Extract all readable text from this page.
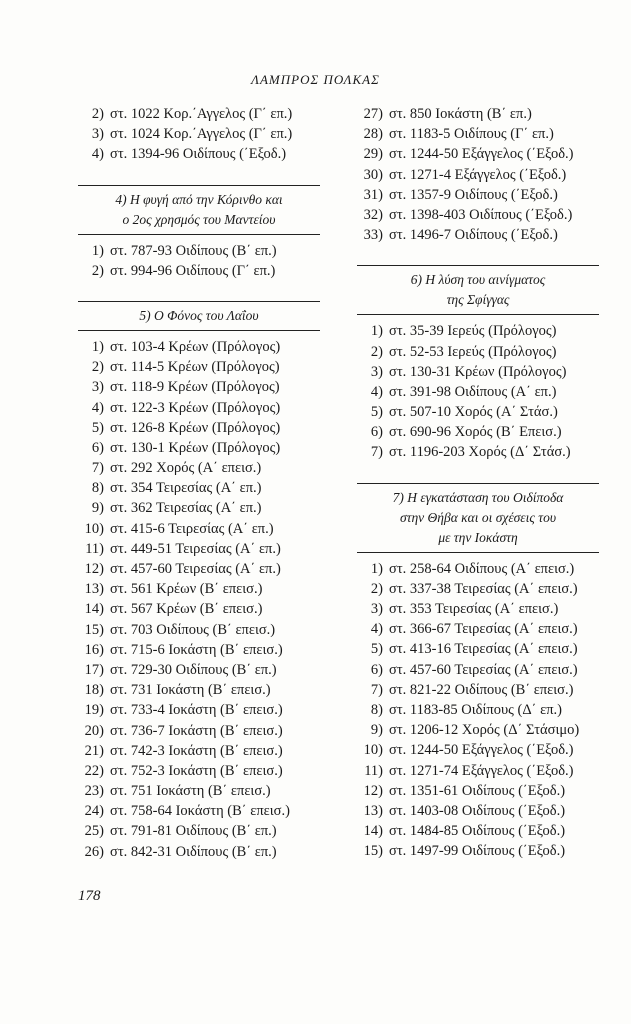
ΛΑΜΠΡΟΣ ΠΟΛΚΑΣ
2) στ. 1022 Κορ.΄Αγγελος (Γ΄ επ.)
3) στ. 1024 Κορ.΄Αγγελος (Γ΄ επ.)
4) στ. 1394-96 Οιδίπους (΄Εξοδ.)
4) Η φυγή από την Κόρινθο και
ο 2ος χρησμός του Μαντείου
1) στ. 787-93 Οιδίπους (Β΄ επ.)
2) στ. 994-96 Οιδίπους (Γ΄ επ.)
5) Ο Φόνος του Λαΐου
1) στ. 103-4 Κρέων (Πρόλογος)
2) στ. 114-5 Κρέων (Πρόλογος)
3) στ. 118-9 Κρέων (Πρόλογος)
4) στ. 122-3 Κρέων (Πρόλογος)
5) στ. 126-8 Κρέων (Πρόλογος)
6) στ. 130-1 Κρέων (Πρόλογος)
7) στ. 292 Χορός (Α΄ επεισ.)
8) στ. 354 Τειρεσίας (Α΄ επ.)
9) στ. 362 Τειρεσίας (Α΄ επ.)
10) στ. 415-6 Τειρεσίας (Α΄ επ.)
11) στ. 449-51 Τειρεσίας (Α΄ επ.)
12) στ. 457-60 Τειρεσίας (Α΄ επ.)
13) στ. 561 Κρέων (Β΄ επεισ.)
14) στ. 567 Κρέων (Β΄ επεισ.)
15) στ. 703 Οιδίπους (Β΄ επεισ.)
16) στ. 715-6 Ιοκάστη (Β΄ επεισ.)
17) στ. 729-30 Οιδίπους (Β΄ επ.)
18) στ. 731 Ιοκάστη (Β΄ επεισ.)
19) στ. 733-4 Ιοκάστη (Β΄ επεισ.)
20) στ. 736-7 Ιοκάστη (Β΄ επεισ.)
21) στ. 742-3 Ιοκάστη (Β΄ επεισ.)
22) στ. 752-3 Ιοκάστη (Β΄ επεισ.)
23) στ. 751 Ιοκάστη (Β΄ επεισ.)
24) στ. 758-64 Ιοκάστη (Β΄ επεισ.)
25) στ. 791-81 Οιδίπους (Β΄ επ.)
26) στ. 842-31 Οιδίπους (Β΄ επ.)
27) στ. 850 Ιοκάστη (Β΄ επ.)
28) στ. 1183-5 Οιδίπους (Γ΄ επ.)
29) στ. 1244-50 Εξάγγελος (΄Εξοδ.)
30) στ. 1271-4 Εξάγγελος (΄Εξοδ.)
31) στ. 1357-9 Οιδίπους (΄Εξοδ.)
32) στ. 1398-403 Οιδίπους (΄Εξοδ.)
33) στ. 1496-7 Οιδίπους (΄Εξοδ.)
6) Η λύση του αινίγματος
της Σφίγγας
1) στ. 35-39 Ιερεύς (Πρόλογος)
2) στ. 52-53 Ιερεύς (Πρόλογος)
3) στ. 130-31 Κρέων (Πρόλογος)
4) στ. 391-98 Οιδίπους (Α΄ επ.)
5) στ. 507-10 Χορός (Α΄ Στάσ.)
6) στ. 690-96 Χορός (Β΄ Επεισ.)
7) στ. 1196-203 Χορός (Δ΄ Στάσ.)
7) Η εγκατάσταση του Οιδίποδα
στην Θήβα και οι σχέσεις του
με την Ιοκάστη
1) στ. 258-64 Οιδίπους (Α΄ επεισ.)
2) στ. 337-38 Τειρεσίας (Α΄ επεισ.)
3) στ. 353 Τειρεσίας (Α΄ επεισ.)
4) στ. 366-67 Τειρεσίας (Α΄ επεισ.)
5) στ. 413-16 Τειρεσίας (Α΄ επεισ.)
6) στ. 457-60 Τειρεσίας (Α΄ επεισ.)
7) στ. 821-22 Οιδίπους (Β΄ επεισ.)
8) στ. 1183-85 Οιδίπους (Δ΄ επ.)
9) στ. 1206-12 Χορός (Δ΄ Στάσιμο)
10) στ. 1244-50 Εξάγγελος (΄Εξοδ.)
11) στ. 1271-74 Εξάγγελος (΄Εξοδ.)
12) στ. 1351-61 Οιδίπους (΄Εξοδ.)
13) στ. 1403-08 Οιδίπους (΄Εξοδ.)
14) στ. 1484-85 Οιδίπους (΄Εξοδ.)
15) στ. 1497-99 Οιδίπους (΄Εξοδ.)
178
